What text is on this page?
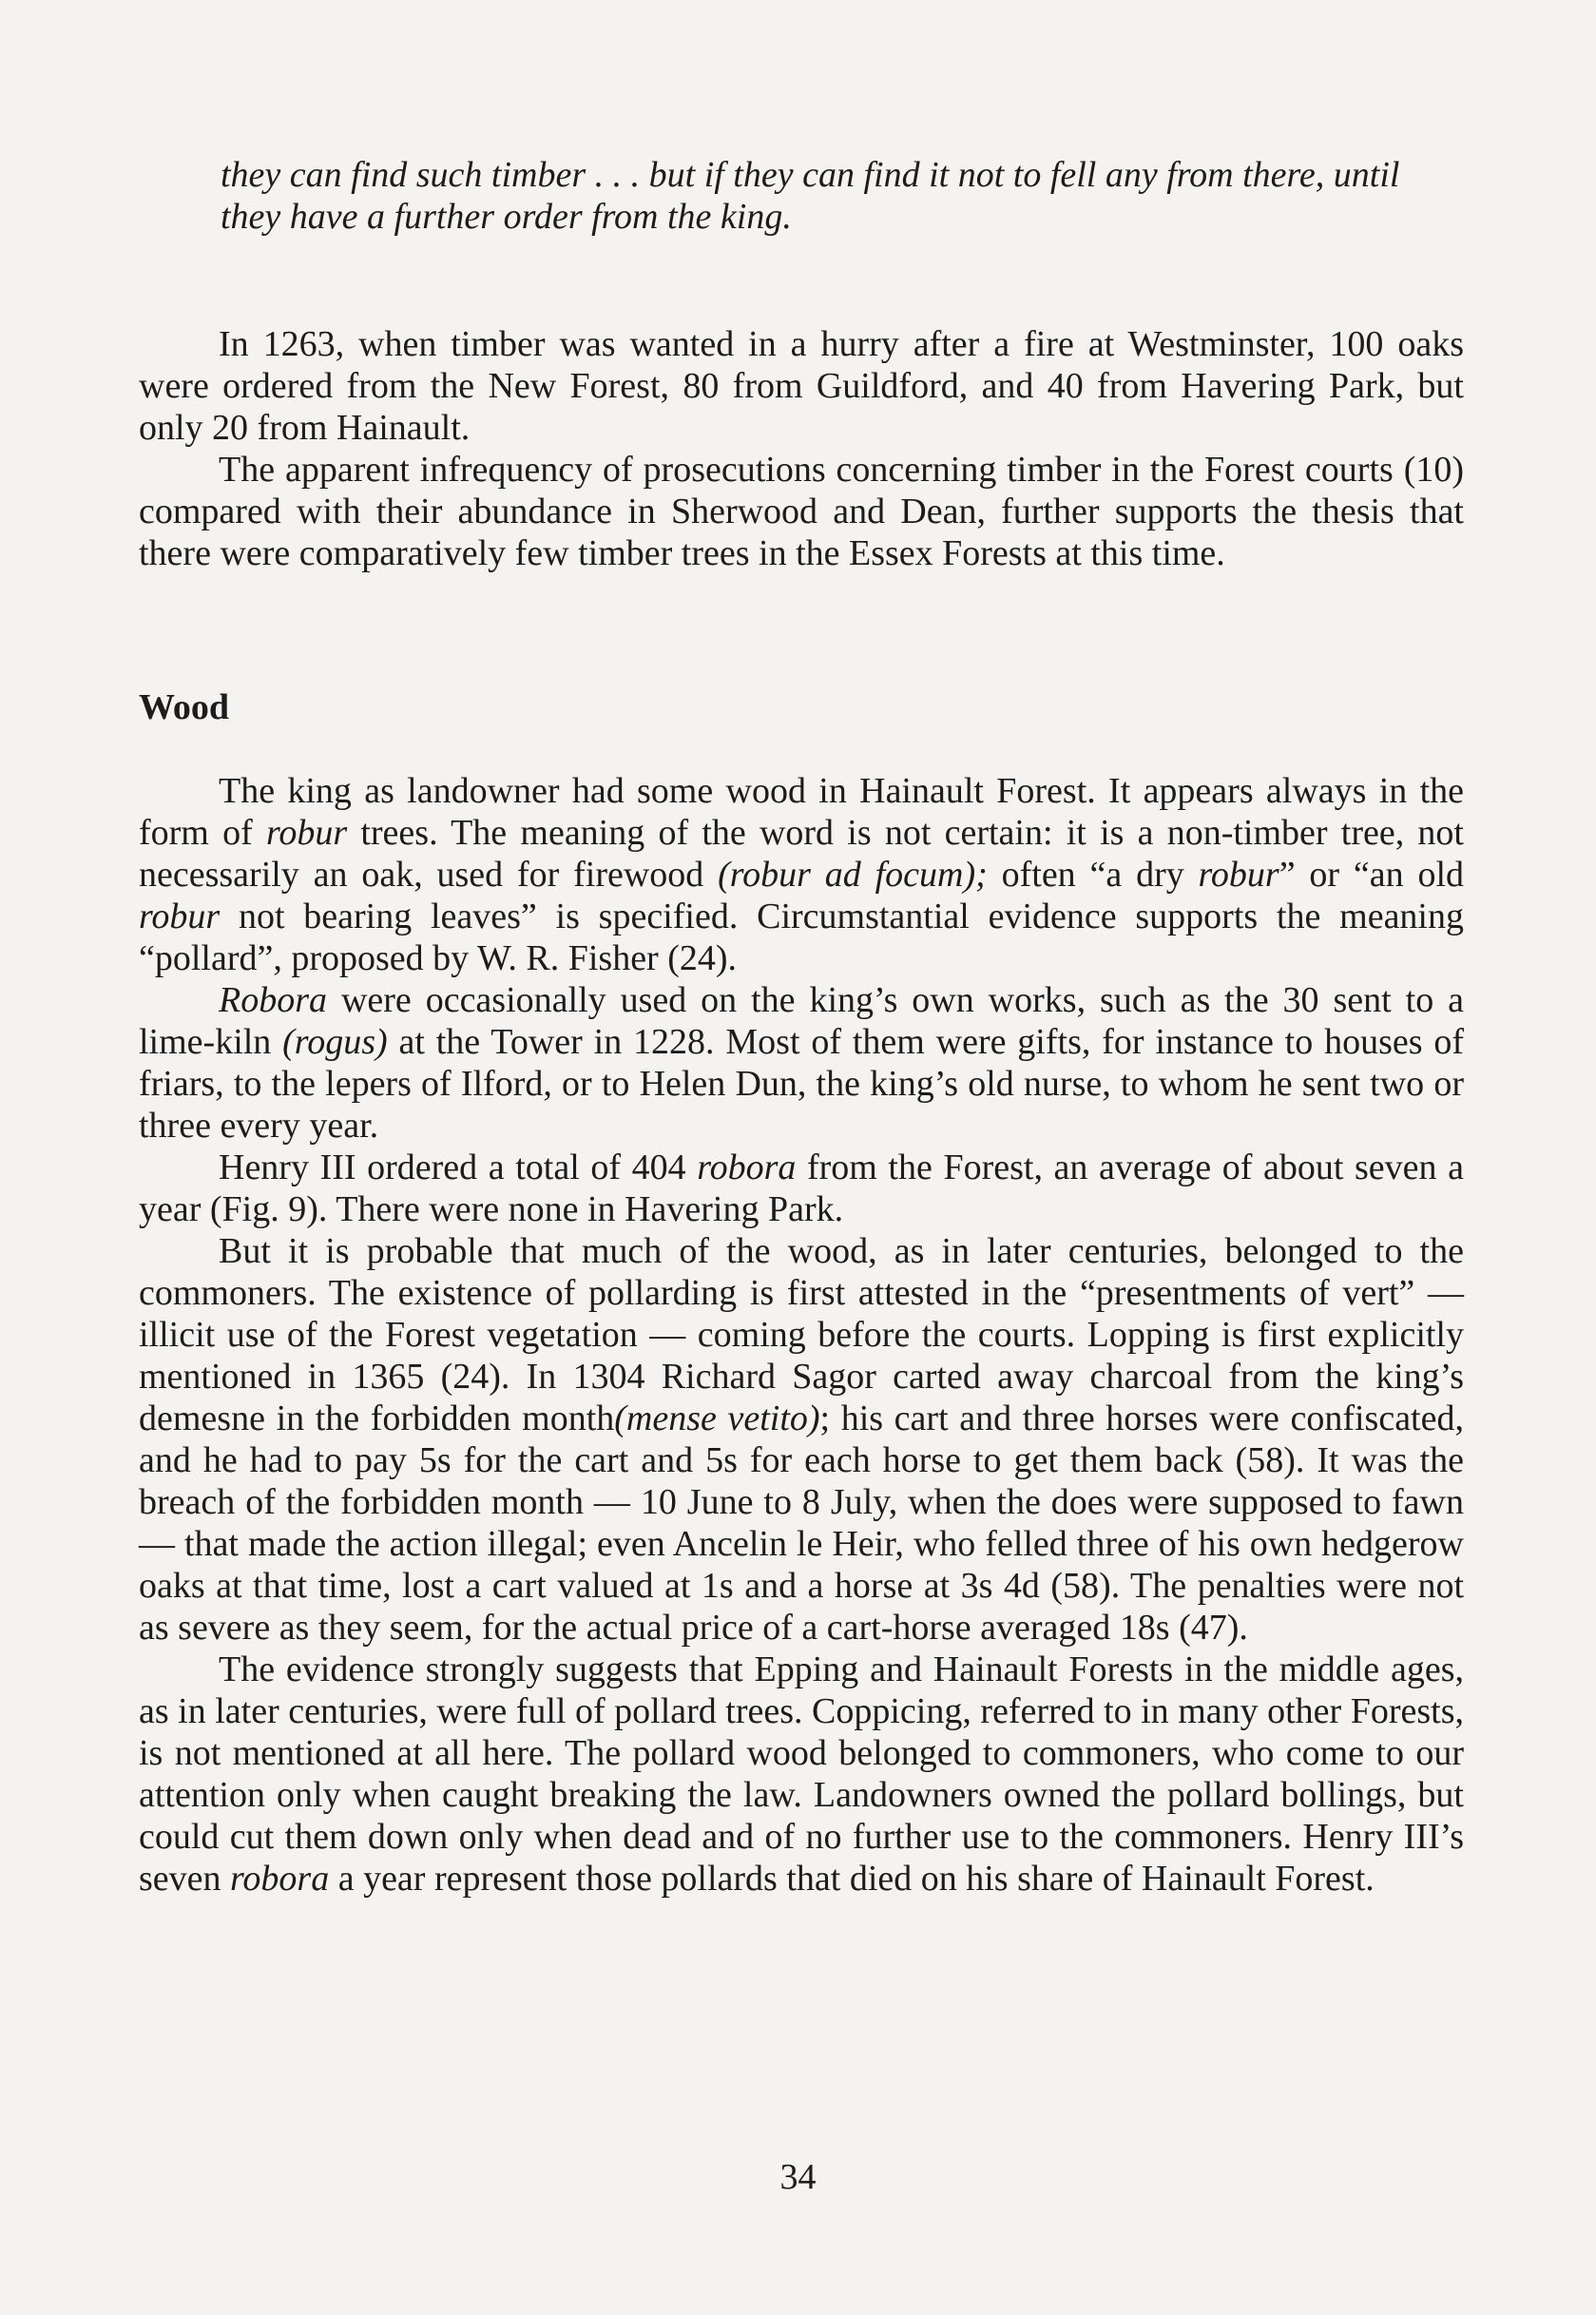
they can find such timber . . . but if they can find it not to fell any from there, until they have a further order from the king.

In 1263, when timber was wanted in a hurry after a fire at Westminster, 100 oaks were ordered from the New Forest, 80 from Guildford, and 40 from Havering Park, but only 20 from Hainault.

The apparent infrequency of prosecutions concerning timber in the Forest courts (10) compared with their abundance in Sherwood and Dean, further supports the thesis that there were comparatively few timber trees in the Essex Forests at this time.

Wood

The king as landowner had some wood in Hainault Forest. It appears always in the form of robur trees. The meaning of the word is not certain: it is a non-timber tree, not necessarily an oak, used for firewood (robur ad focum); often “a dry robur” or “an old robur not bearing leaves” is specified. Circumstantial evidence supports the meaning “pollard”, proposed by W. R. Fisher (24).

Robora were occasionally used on the king’s own works, such as the 30 sent to a lime-kiln (rogus) at the Tower in 1228. Most of them were gifts, for instance to houses of friars, to the lepers of Ilford, or to Helen Dun, the king’s old nurse, to whom he sent two or three every year.

Henry III ordered a total of 404 robora from the Forest, an average of about seven a year (Fig. 9). There were none in Havering Park.

But it is probable that much of the wood, as in later centuries, belonged to the commoners. The existence of pollarding is first attested in the “presentments of vert” — illicit use of the Forest vegetation — coming before the courts. Lopping is first explicitly mentioned in 1365 (24). In 1304 Richard Sagor carted away charcoal from the king’s demesne in the forbidden month(mense vetito); his cart and three horses were confiscated, and he had to pay 5s for the cart and 5s for each horse to get them back (58). It was the breach of the forbidden month — 10 June to 8 July, when the does were supposed to fawn — that made the action illegal; even Ancelin le Heir, who felled three of his own hedgerow oaks at that time, lost a cart valued at 1s and a horse at 3s 4d (58). The penalties were not as severe as they seem, for the actual price of a cart-horse averaged 18s (47).

The evidence strongly suggests that Epping and Hainault Forests in the middle ages, as in later centuries, were full of pollard trees. Coppicing, referred to in many other Forests, is not mentioned at all here. The pollard wood belonged to commoners, who come to our attention only when caught breaking the law. Landowners owned the pollard bollings, but could cut them down only when dead and of no further use to the commoners. Henry III’s seven robora a year represent those pollards that died on his share of Hainault Forest.

34
